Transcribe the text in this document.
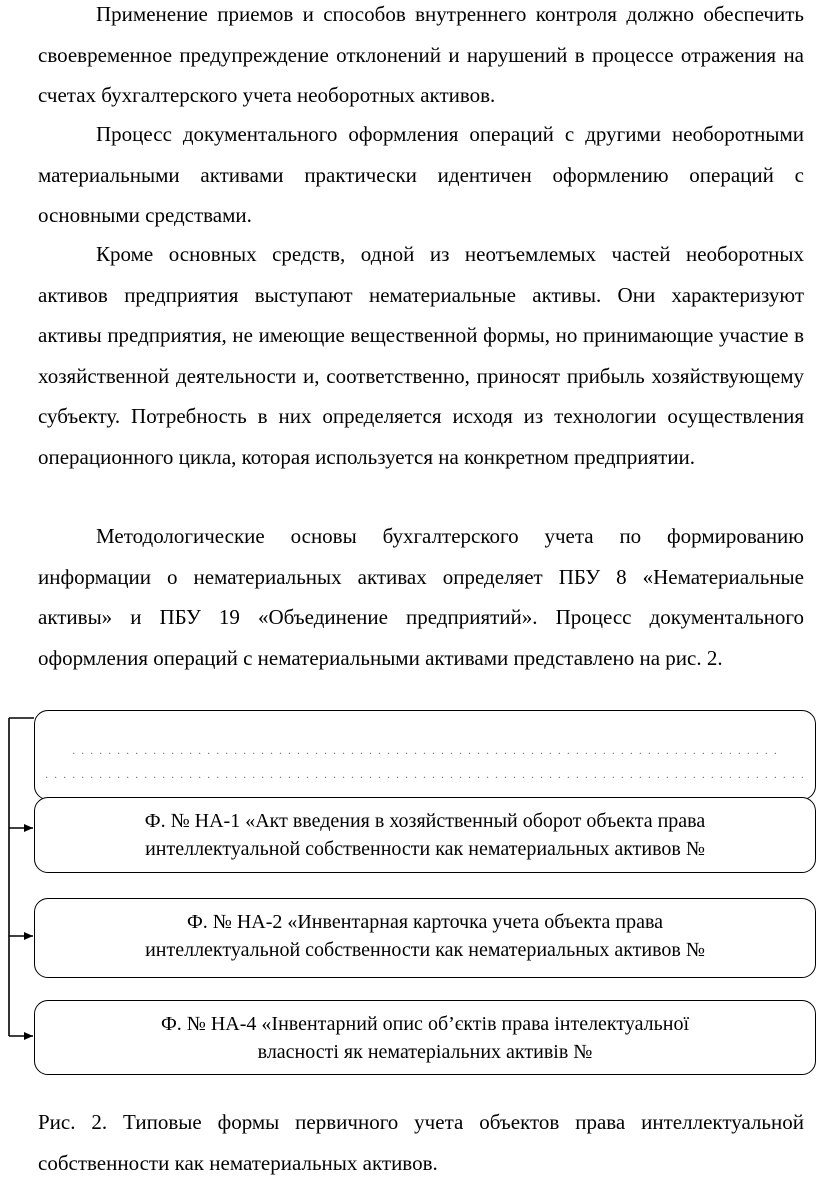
Применение приемов и способов внутреннего контроля должно обеспечить своевременное предупреждение отклонений и нарушений в процессе отражения на счетах бухгалтерского учета необоротных активов.

Процесс документального оформления операций с другими необоротными материальными активами практически идентичен оформлению операций с основными средствами.

Кроме основных средств, одной из неотъемлемых частей необоротных активов предприятия выступают нематериальные активы. Они характеризуют активы предприятия, не имеющие вещественной формы, но принимающие участие в хозяйственной деятельности и, соответственно, приносят прибыль хозяйствующему субъекту. Потребность в них определяется исходя из технологии осуществления операционного цикла, которая используется на конкретном предприятии.

Методологические основы бухгалтерского учета по формированию информации о нематериальных активах определяет ПБУ 8 «Нематериальные активы» и ПБУ 19 «Объединение предприятий». Процесс документального оформления операций с нематериальными активами представлено на рис. 2.

· · · · · · · · · · · · · · · · · · · · · · · · · · · · · · · · · · · · · · · · · · · · · · · · · · · · · · · · · · · · · · · · · · · · · · · · · · · · · · ·
· · · · · · · · · · · · · · · · · · · · · · · · · · · · · · · · · · · · · · · · · · · · · · · · · · · · · · · · · · · · · · · · · · · · · · · · · · · · · · · · · · · · ·
Ф. № НА-1 «Акт введения в хозяйственный оборот объекта права
интеллектуальной собственности как нематериальных активов №
Ф. № НА-2 «Инвентарная карточка учета объекта права
интеллектуальной собственности как нематериальных активов №
Ф. № НА-4 «Інвентарний опис об’єктів права інтелектуальної
власності як нематеріальних активів №

Рис. 2. Типовые формы первичного учета объектов права интеллектуальной собственности как нематериальных активов.
